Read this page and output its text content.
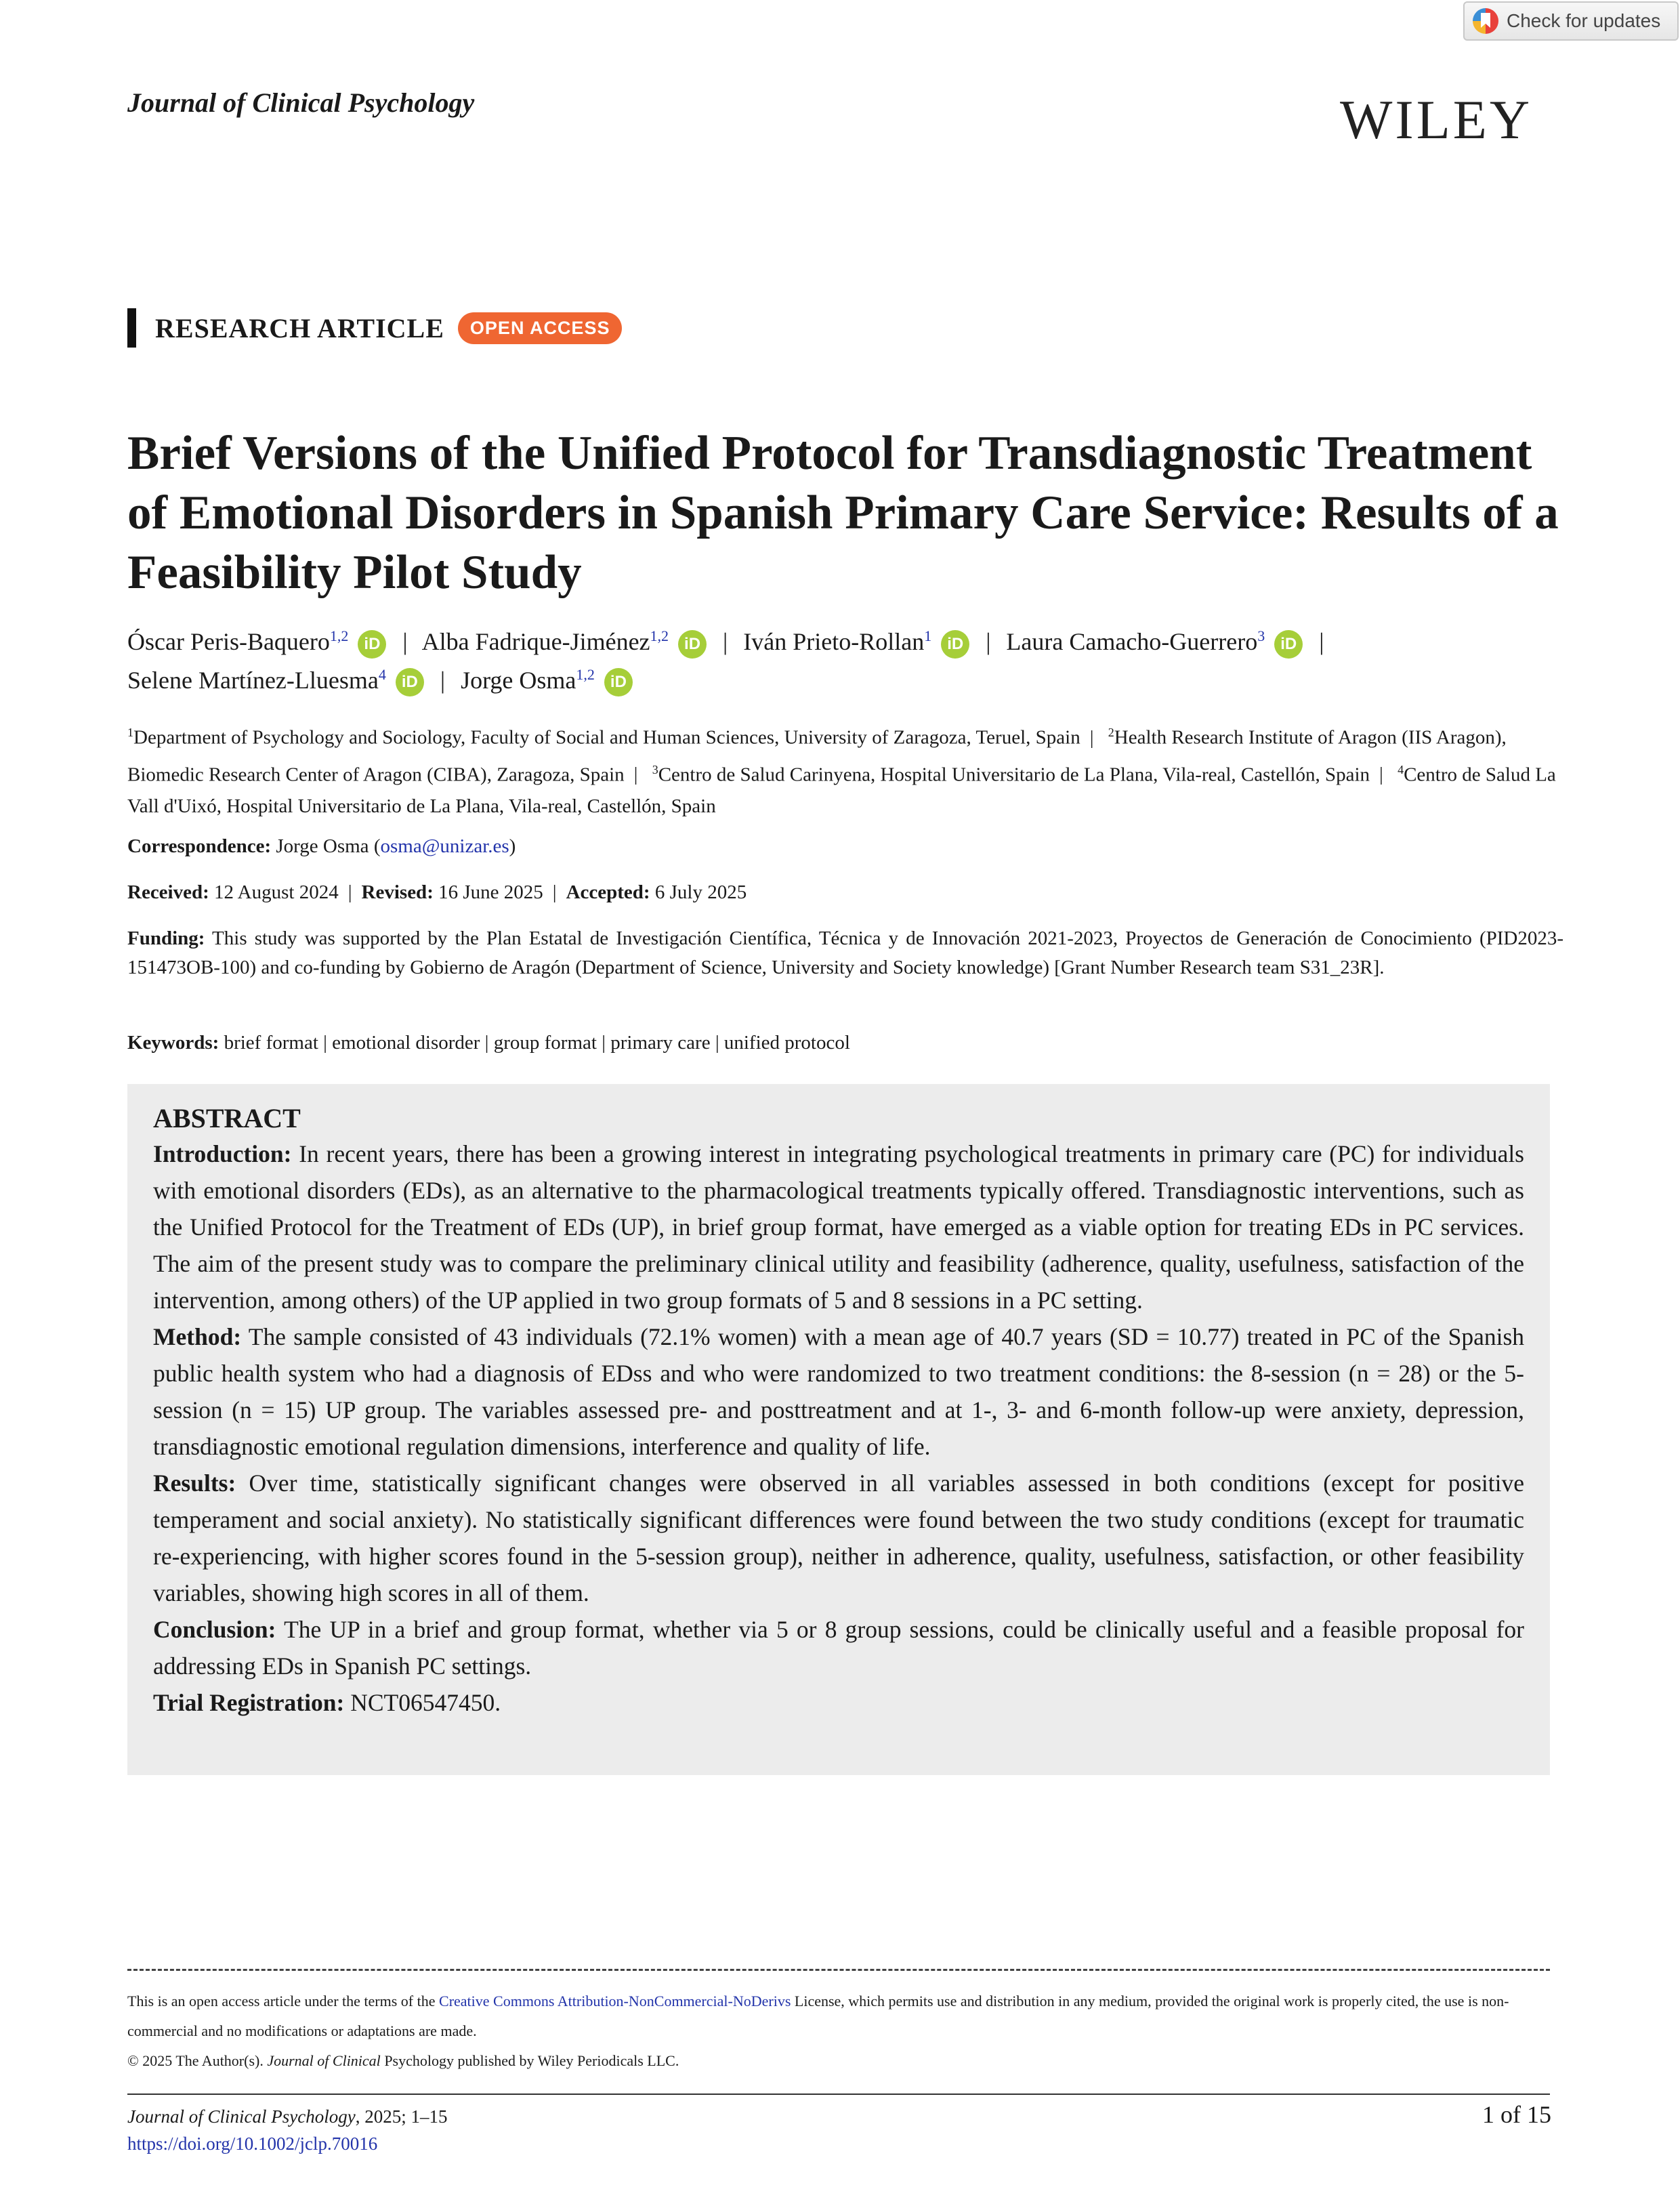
Check for updates
Journal of Clinical Psychology	WILEY
RESEARCH ARTICLE	OPEN ACCESS
Brief Versions of the Unified Protocol for Transdiagnostic Treatment of Emotional Disorders in Spanish Primary Care Service: Results of a Feasibility Pilot Study
Óscar Peris-Baquero$^{1,2}$ iD | Alba Fadrique-Jiménez$^{1,2}$ iD | Iván Prieto-Rollan$^1$ iD | Laura Camacho-Guerrero$^3$ iD |
Selene Martínez-Lluesma$^4$ iD | Jorge Osma$^{1,2}$ iD
$^1$Department of Psychology and Sociology, Faculty of Social and Human Sciences, University of Zaragoza, Teruel, Spain | $^2$Health Research Institute of Aragon (IIS Aragon), Biomedic Research Center of Aragon (CIBA), Zaragoza, Spain | $^3$Centro de Salud Carinyena, Hospital Universitario de La Plana, Vila-real, Castellón, Spain | $^4$Centro de Salud La Vall d'Uixó, Hospital Universitario de La Plana, Vila-real, Castellón, Spain
Correspondence: Jorge Osma (osma@unizar.es)
Received: 12 August 2024 | Revised: 16 June 2025 | Accepted: 6 July 2025
Funding: This study was supported by the Plan Estatal de Investigación Científica, Técnica y de Innovación 2021-2023, Proyectos de Generación de Conocimiento (PID2023-151473OB-100) and co-funding by Gobierno de Aragón (Department of Science, University and Society knowledge) [Grant Number Research team S31_23R].
Keywords: brief format | emotional disorder | group format | primary care | unified protocol
ABSTRACT
Introduction: In recent years, there has been a growing interest in integrating psychological treatments in primary care (PC) for individuals with emotional disorders (EDs), as an alternative to the pharmacological treatments typically offered. Transdiagnostic interventions, such as the Unified Protocol for the Treatment of EDs (UP), in brief group format, have emerged as a viable option for treating EDs in PC services. The aim of the present study was to compare the preliminary clinical utility and feasibility (adherence, quality, usefulness, satisfaction of the intervention, among others) of the UP applied in two group formats of 5 and 8 sessions in a PC setting.
Method: The sample consisted of 43 individuals (72.1% women) with a mean age of 40.7 years (SD = 10.77) treated in PC of the Spanish public health system who had a diagnosis of EDss and who were randomized to two treatment conditions: the 8-session (n = 28) or the 5-session (n = 15) UP group. The variables assessed pre- and posttreatment and at 1-, 3- and 6-month follow-up were anxiety, depression, transdiagnostic emotional regulation dimensions, interference and quality of life.
Results: Over time, statistically significant changes were observed in all variables assessed in both conditions (except for positive temperament and social anxiety). No statistically significant differences were found between the two study conditions (except for traumatic re-experiencing, with higher scores found in the 5-session group), neither in adherence, quality, usefulness, satisfaction, or other feasibility variables, showing high scores in all of them.
Conclusion: The UP in a brief and group format, whether via 5 or 8 group sessions, could be clinically useful and a feasible proposal for addressing EDs in Spanish PC settings.
Trial Registration: NCT06547450.
This is an open access article under the terms of the Creative Commons Attribution-NonCommercial-NoDerivs License, which permits use and distribution in any medium, provided the original work is properly cited, the use is non-commercial and no modifications or adaptations are made.
© 2025 The Author(s). Journal of Clinical Psychology published by Wiley Periodicals LLC.
Journal of Clinical Psychology, 2025; 1–15
https://doi.org/10.1002/jclp.70016
1 of 15
